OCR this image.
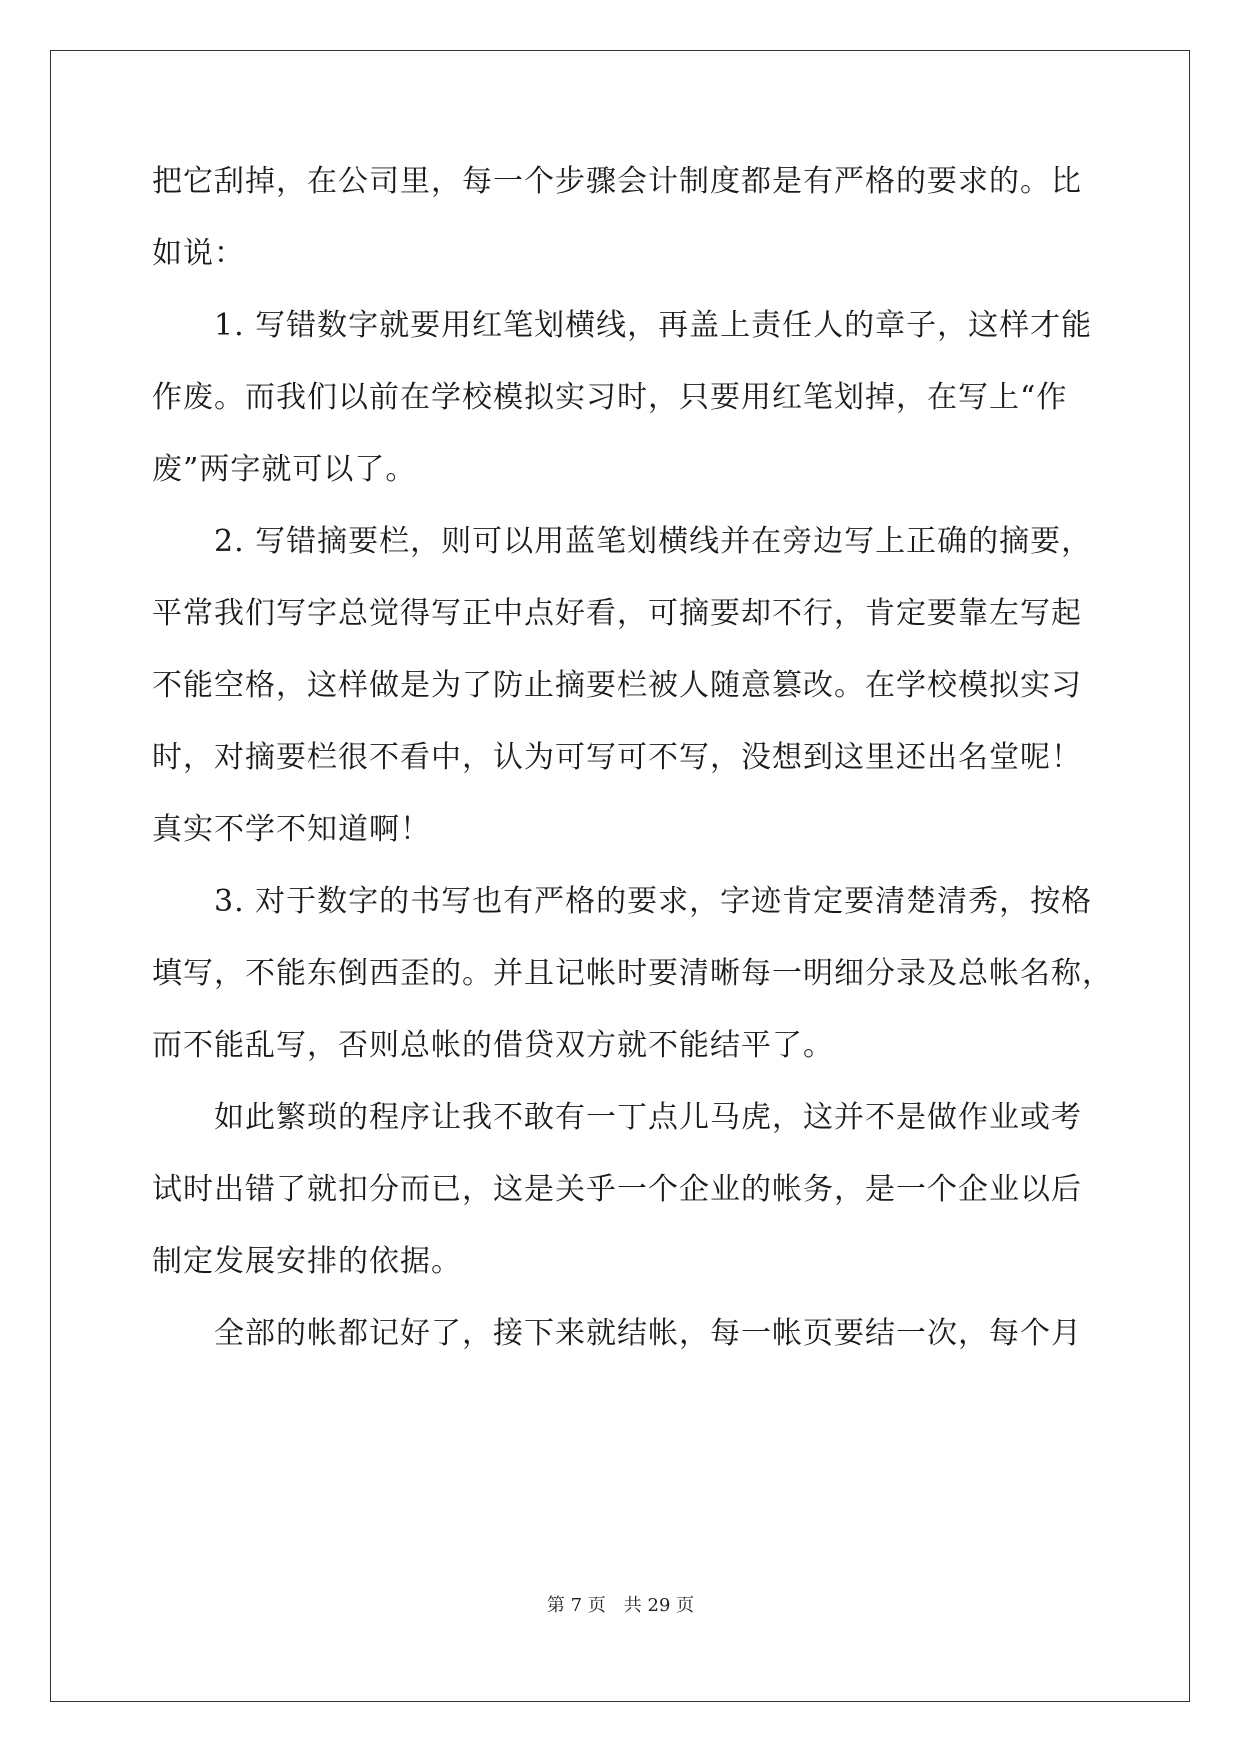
把它刮掉，在公司里，每一个步骤会计制度都是有严格的要求的。比
如说：
1. 写错数字就要用红笔划横线，再盖上责任人的章子，这样才能
作废。而我们以前在学校模拟实习时，只要用红笔划掉，在写上“作
废”两字就可以了。
2. 写错摘要栏，则可以用蓝笔划横线并在旁边写上正确的摘要，
平常我们写字总觉得写正中点好看，可摘要却不行，肯定要靠左写起
不能空格，这样做是为了防止摘要栏被人随意篡改。在学校模拟实习
时，对摘要栏很不看中，认为可写可不写，没想到这里还出名堂呢！
真实不学不知道啊！
3. 对于数字的书写也有严格的要求，字迹肯定要清楚清秀，按格
填写，不能东倒西歪的。并且记帐时要清晰每一明细分录及总帐名称，
而不能乱写，否则总帐的借贷双方就不能结平了。
如此繁琐的程序让我不敢有一丁点儿马虎，这并不是做作业或考
试时出错了就扣分而已，这是关乎一个企业的帐务，是一个企业以后
制定发展安排的依据。
全部的帐都记好了，接下来就结帐，每一帐页要结一次，每个月
第 7 页 共 29 页
